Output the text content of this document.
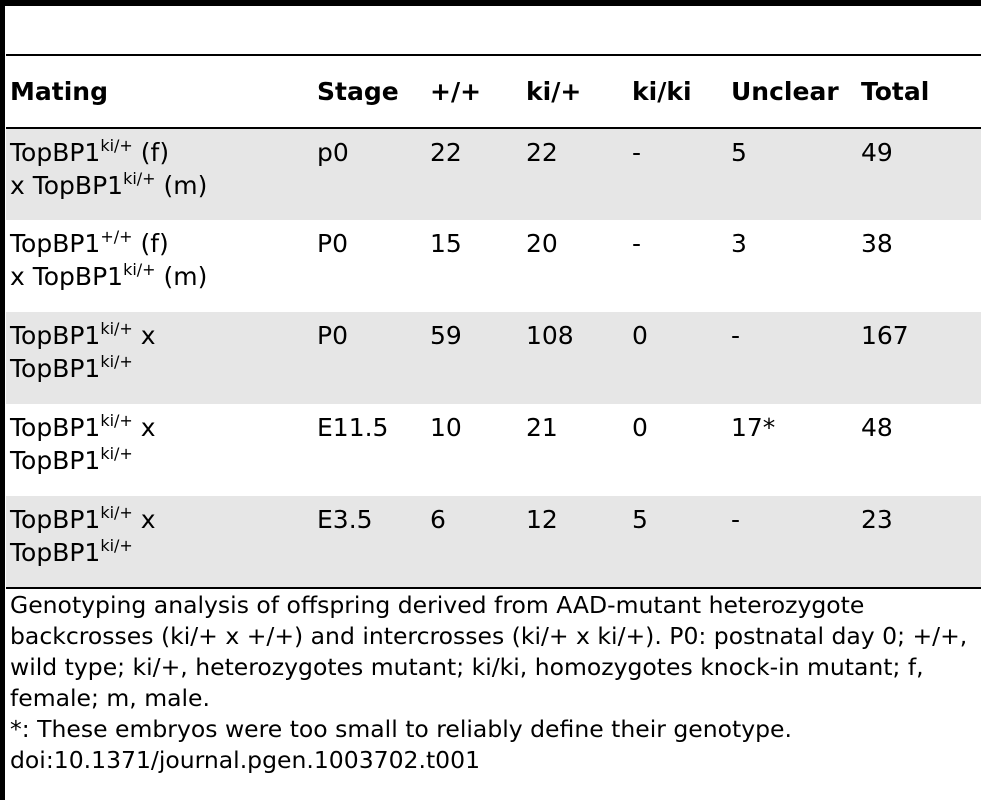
Mating	Stage	+/+	ki/+	ki/ki	Unclear	Total
$TopBP1^{ki/+}$ (f)
x $TopBP1^{ki/+}$ (m)	p0	22	22	-	5	49
TopBP1+/+ (f)
x $TopBP1^{ki/+}$ (m)	P0	15	20	-	3	38
$TopBP1^{ki/+}$ x
$TopBP1^{ki/+}$	P0	59	108	0	-	167
$TopBP1^{ki/+}$ x
$TopBP1^{ki/+}$	E11.5	10	21	0	17*	48
$TopBP1^{ki/+}$ x
$TopBP1^{ki/+}$	E3.5	6	12	5	-	23

Genotyping analysis of offspring derived from AAD-mutant heterozygote backcrosses (ki/+ x +/+) and intercrosses (ki/+ x ki/+). P0: postnatal day 0; +/+, wild type; ki/+, heterozygotes mutant; ki/ki, homozygotes knock-in mutant; f, female; m, male.

*: These embryos were too small to reliably define their genotype.

doi:10.1371/journal.pgen.1003702.t001
